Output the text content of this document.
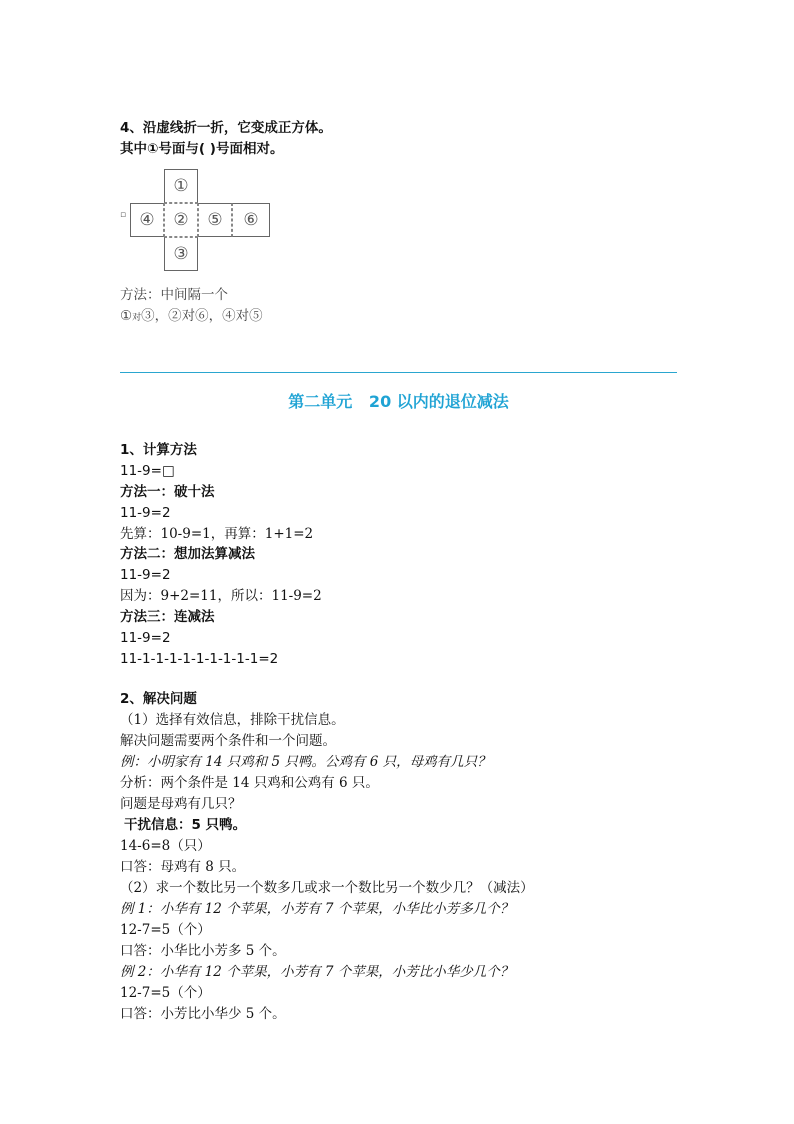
4、沿虚线折一折，它变成正方体。
其中①号面与( )号面相对。
▫
①
④	②	⑤	⑥
③
方法：中间隔一个
①对③，②对⑥，④对⑤
第二单元   20 以内的退位减法
1、计算方法
11-9=□
方法一：破十法
11-9=2
先算：10-9=1，再算：1+1=2
方法二：想加法算减法
11-9=2
因为：9+2=11，所以：11-9=2
方法三：连减法
11-9=2
11-1-1-1-1-1-1-1-1-1=2
2、解决问题
（1）选择有效信息，排除干扰信息。
解决问题需要两个条件和一个问题。
例：小明家有 14 只鸡和 5 只鸭。公鸡有 6 只，母鸡有几只？
分析：两个条件是 14 只鸡和公鸡有 6 只。
问题是母鸡有几只？
干扰信息：5 只鸭。
14-6=8（只）
口答：母鸡有 8 只。
（2）求一个数比另一个数多几或求一个数比另一个数少几？（减法）
例 1：小华有 12 个苹果，小芳有 7 个苹果，小华比小芳多几个？
12-7=5（个）
口答：小华比小芳多 5 个。
例 2：小华有 12 个苹果，小芳有 7 个苹果，小芳比小华少几个？
12-7=5（个）
口答：小芳比小华少 5 个。
